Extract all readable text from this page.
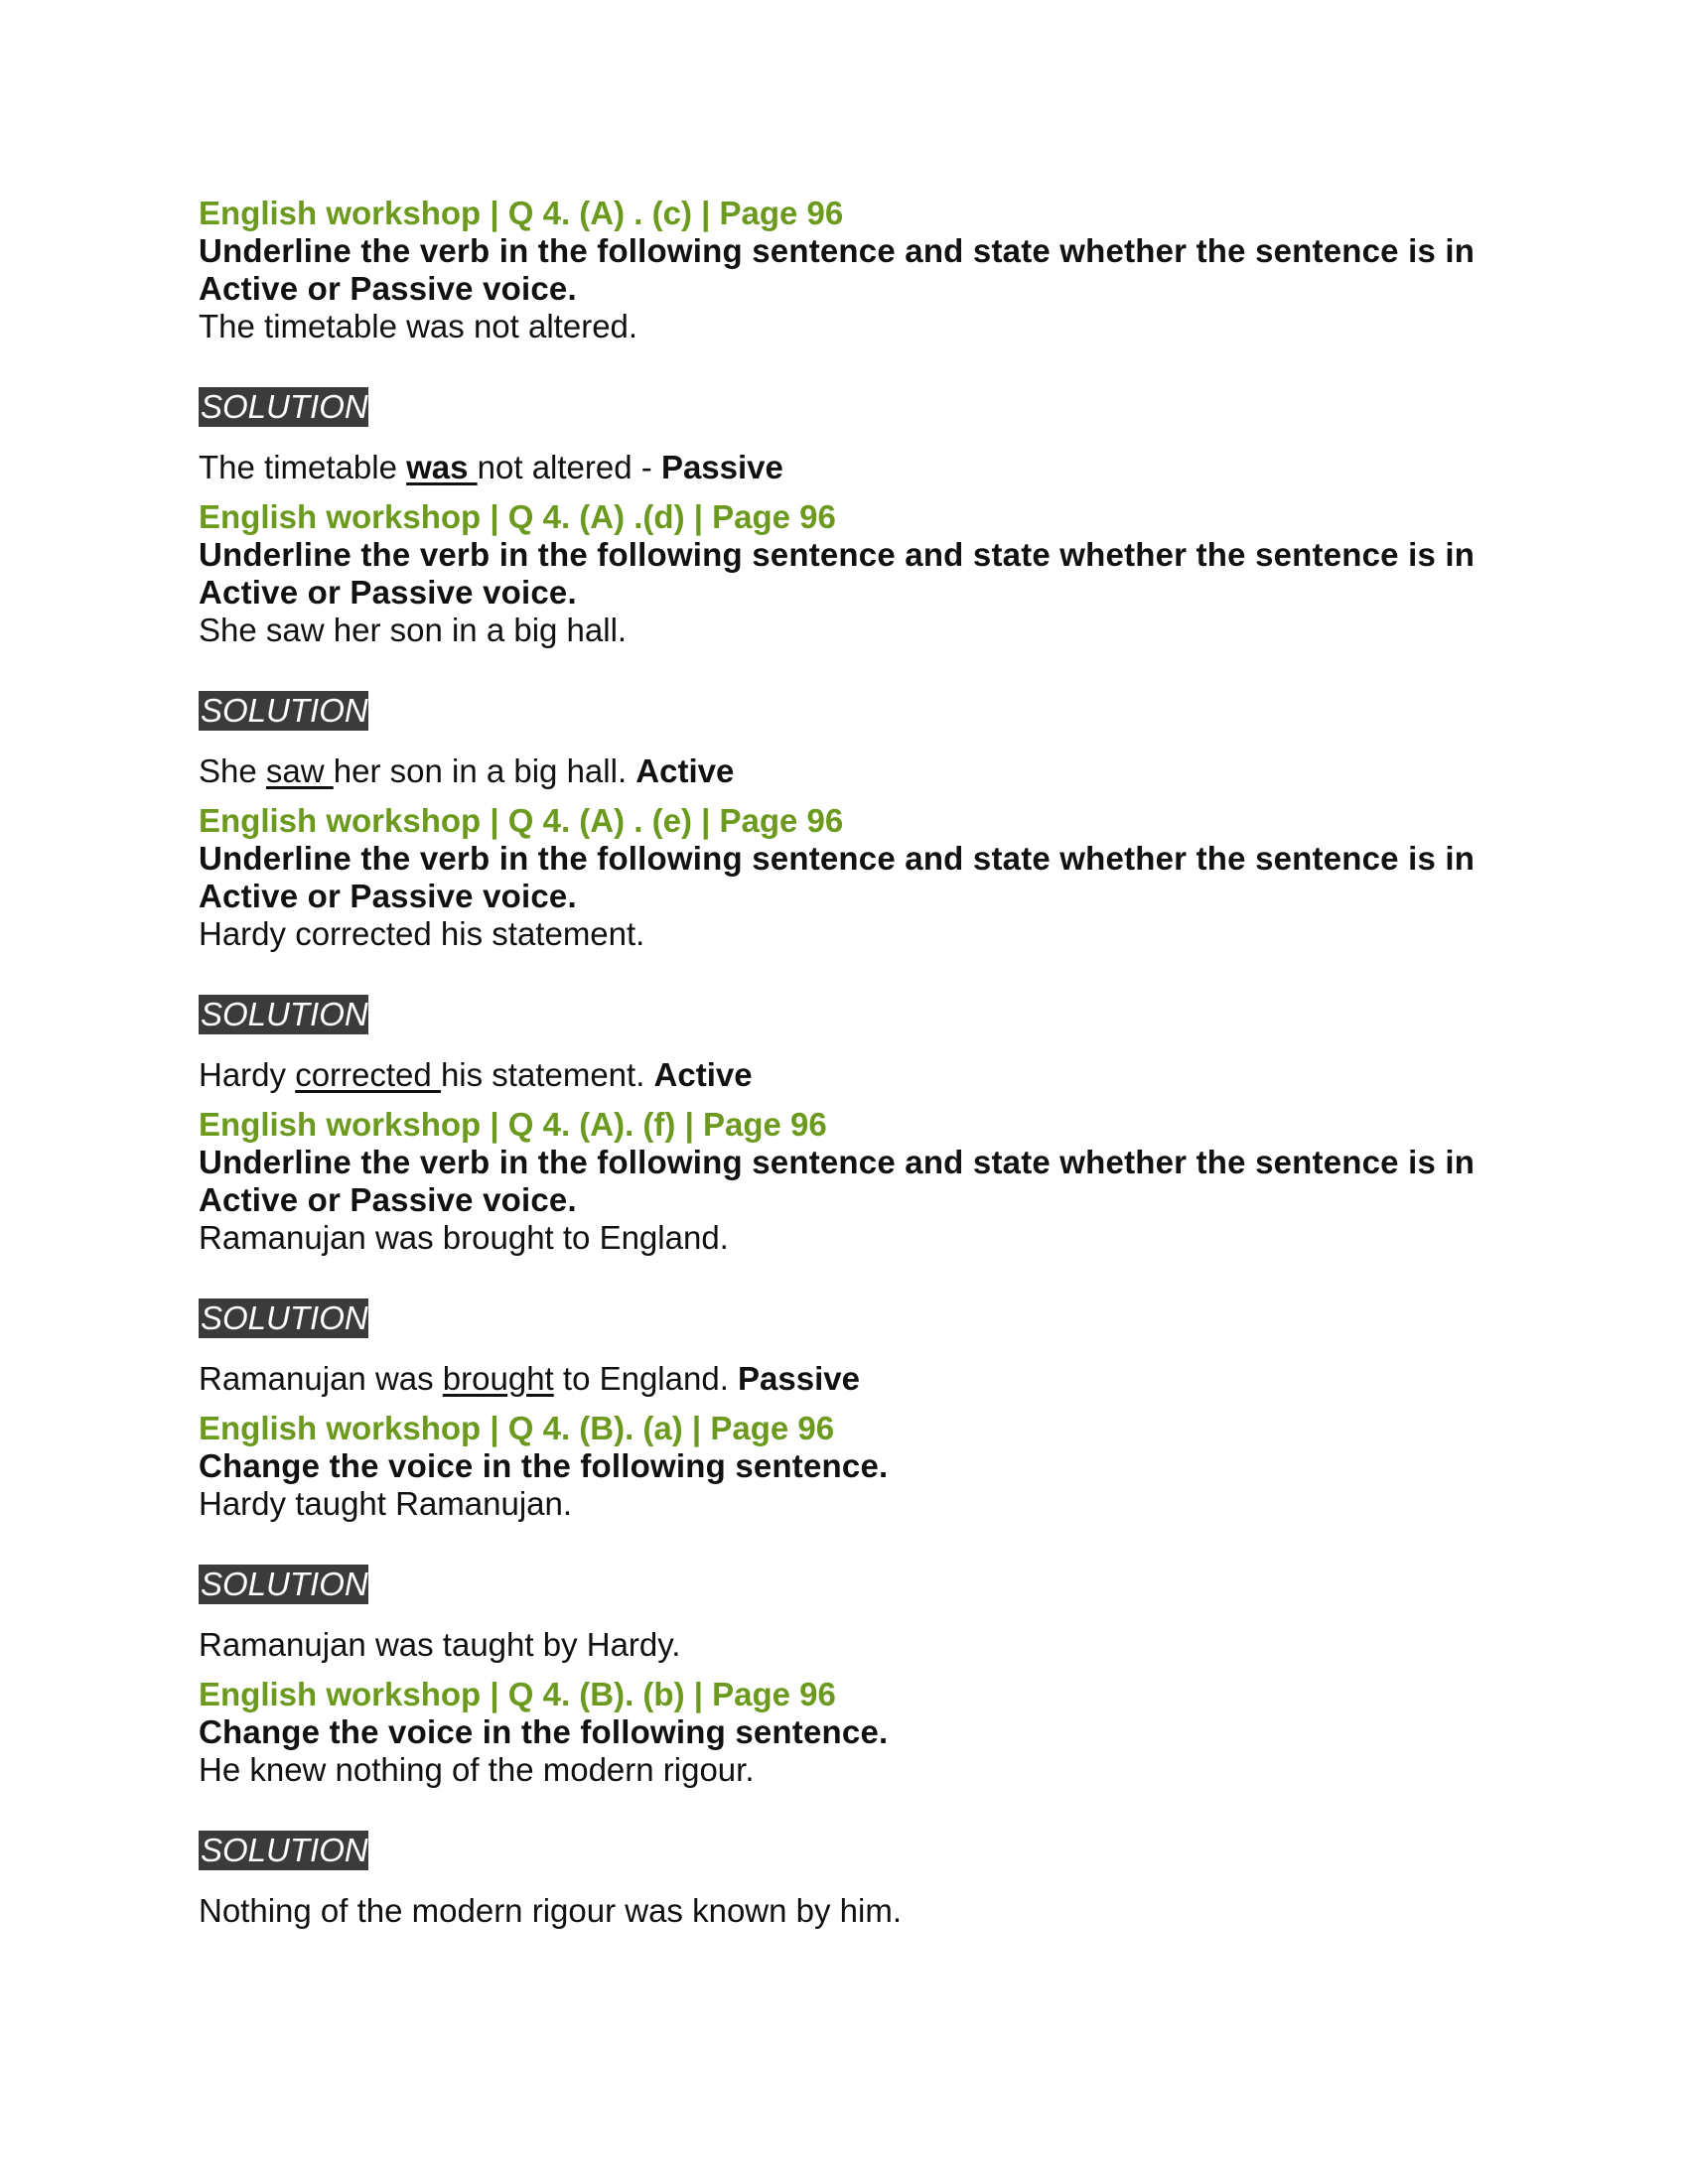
English workshop | Q 4. (A) . (c) | Page 96

Underline the verb in the following sentence and state whether the sentence is in
Active or Passive voice.

The timetable was not altered.

SOLUTION

The timetable was not altered - Passive

English workshop | Q 4. (A) .(d) | Page 96

Underline the verb in the following sentence and state whether the sentence is in
Active or Passive voice.

She saw her son in a big hall.

SOLUTION

She saw her son in a big hall. Active

English workshop | Q 4. (A) . (e) | Page 96

Underline the verb in the following sentence and state whether the sentence is in
Active or Passive voice.

Hardy corrected his statement.

SOLUTION

Hardy corrected his statement. Active

English workshop | Q 4. (A). (f) | Page 96

Underline the verb in the following sentence and state whether the sentence is in
Active or Passive voice.

Ramanujan was brought to England.

SOLUTION

Ramanujan was brought to England. Passive

English workshop | Q 4. (B). (a) | Page 96

Change the voice in the following sentence.

Hardy taught Ramanujan.

SOLUTION

Ramanujan was taught by Hardy.

English workshop | Q 4. (B). (b) | Page 96

Change the voice in the following sentence.

He knew nothing of the modern rigour.

SOLUTION

Nothing of the modern rigour was known by him.
